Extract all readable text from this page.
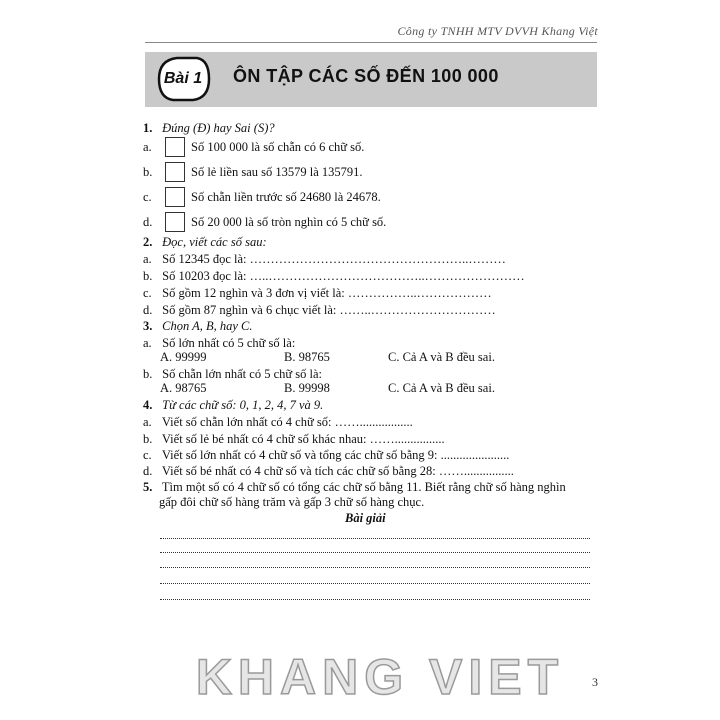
Công ty TNHH MTV DVVH Khang Việt
Bài 1	ÔN TẬP CÁC SỐ ĐẾN 100 000
1. Đúng (Đ) hay Sai (S)?
a.	Số 100 000 là số chẵn có 6 chữ số.
b.	Số lẻ liền sau số 13579 là 135791.
c.	Số chẵn liền trước số 24680 là 24678.
d.	Số 20 000 là số tròn nghìn có 5 chữ số.
2. Đọc, viết các số sau:
a. Số 12345 đọc là: ……………………………………………..………
b. Số 10203 đọc là: …..………………………………..……………………
c. Số gồm 12 nghìn và 3 đơn vị viết là: ……………..………………
d. Số gồm 87 nghìn và 6 chục viết là: ……..…………………………
3. Chọn A, B, hay C.
a. Số lớn nhất có 5 chữ số là:
A. 99999	B. 98765	C. Cả A và B đều sai.
b. Số chẵn lớn nhất có 5 chữ số là:
A. 98765	B. 99998	C. Cả A và B đều sai.
4. Từ các chữ số: 0, 1, 2, 4, 7 và 9.
a. Viết số chẵn lớn nhất có 4 chữ số: …….................
b. Viết số lẻ bé nhất có 4 chữ số khác nhau: ……................
c. Viết số lớn nhất có 4 chữ số và tổng các chữ số bằng 9: ......................
d. Viết số bé nhất có 4 chữ số và tích các chữ số bằng 28: ……................
5. Tìm một số có 4 chữ số có tổng các chữ số bằng 11. Biết rằng chữ số hàng nghìn
gấp đôi chữ số hàng trăm và gấp 3 chữ số hàng chục.
Bài giải
KHANG VIET	3
